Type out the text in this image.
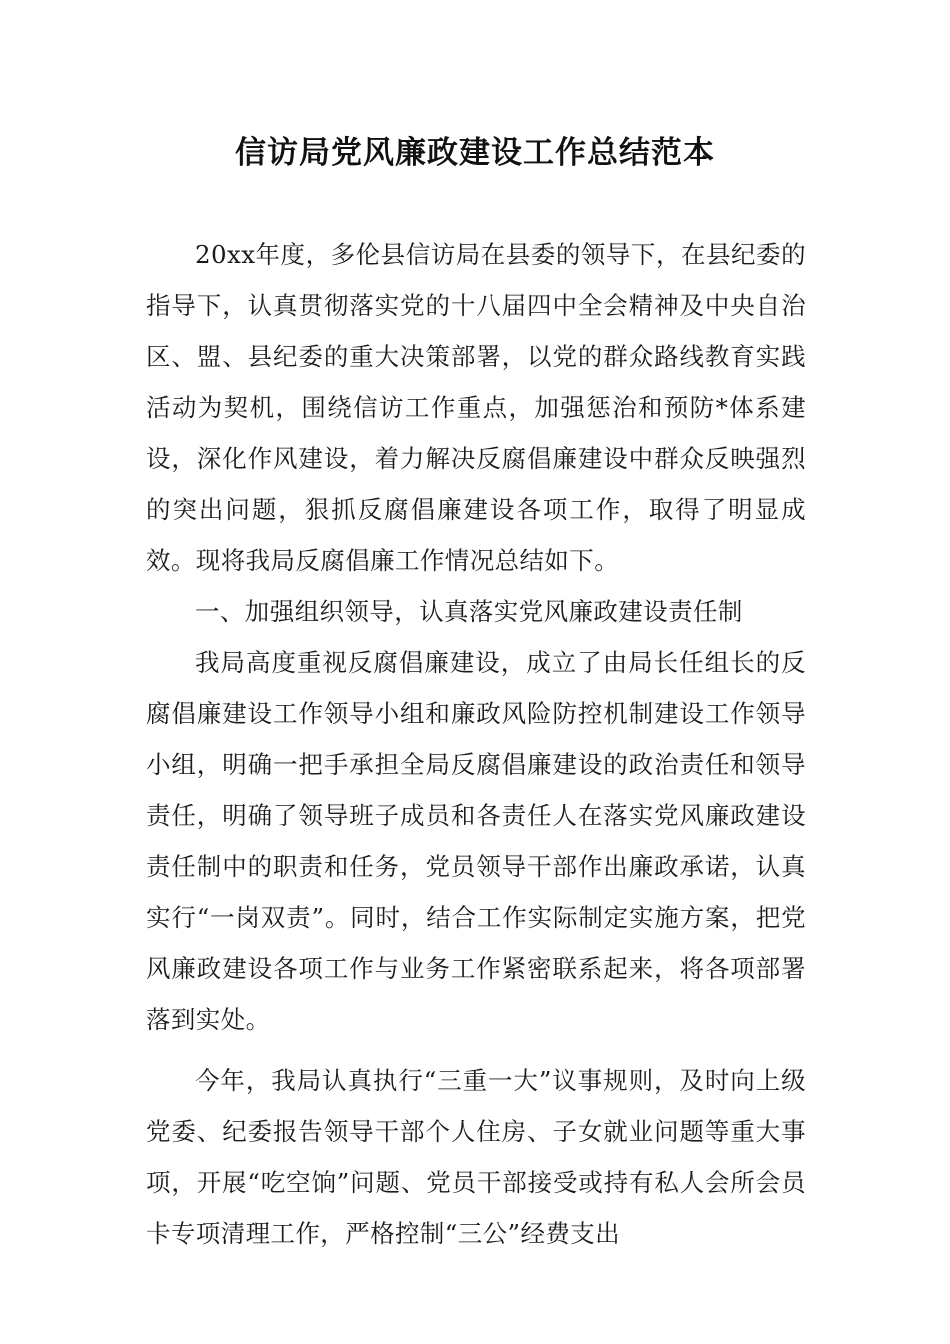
信访局党风廉政建设工作总结范本

20xx年度，多伦县信访局在县委的领导下，在县纪委的指导下，认真贯彻落实党的十八届四中全会精神及中央自治区、盟、县纪委的重大决策部署，以党的群众路线教育实践活动为契机，围绕信访工作重点，加强惩治和预防*体系建设，深化作风建设，着力解决反腐倡廉建设中群众反映强烈的突出问题，狠抓反腐倡廉建设各项工作，取得了明显成效。现将我局反腐倡廉工作情况总结如下。

一、加强组织领导，认真落实党风廉政建设责任制

我局高度重视反腐倡廉建设，成立了由局长任组长的反腐倡廉建设工作领导小组和廉政风险防控机制建设工作领导小组，明确一把手承担全局反腐倡廉建设的政治责任和领导责任，明确了领导班子成员和各责任人在落实党风廉政建设责任制中的职责和任务，党员领导干部作出廉政承诺，认真实行“一岗双责”。同时，结合工作实际制定实施方案，把党风廉政建设各项工作与业务工作紧密联系起来，将各项部署落到实处。

今年，我局认真执行“三重一大”议事规则，及时向上级党委、纪委报告领导干部个人住房、子女就业问题等重大事项，开展“吃空饷”问题、党员干部接受或持有私人会所会员卡专项清理工作，严格控制“三公”经费支出
